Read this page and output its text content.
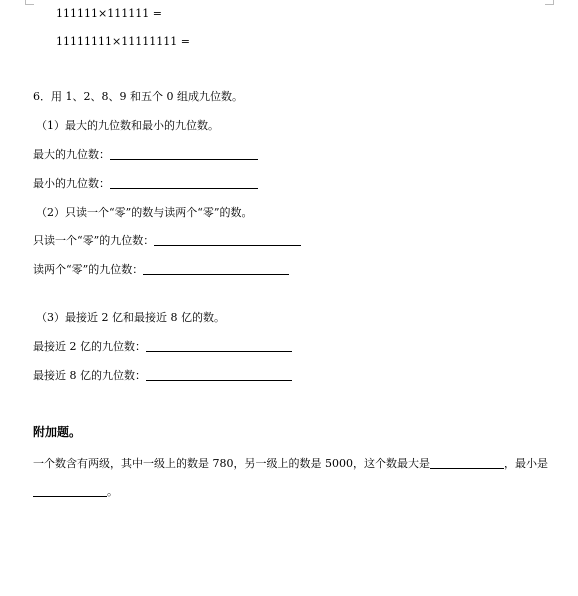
111111×111111 =
11111111×11111111 =
6．用 1、2、8、9 和五个 0 组成九位数。
（1）最大的九位数和最小的九位数。
最大的九位数：
最小的九位数：
（2）只读一个“零”的数与读两个“零”的数。
只读一个“零”的九位数：
读两个“零”的九位数：
（3）最接近 2 亿和最接近 8 亿的数。
最接近 2 亿的九位数：
最接近 8 亿的九位数：
附加题。
一个数含有两级，其中一级上的数是 780，另一级上的数是 5000，这个数最大是	，最小是
。
